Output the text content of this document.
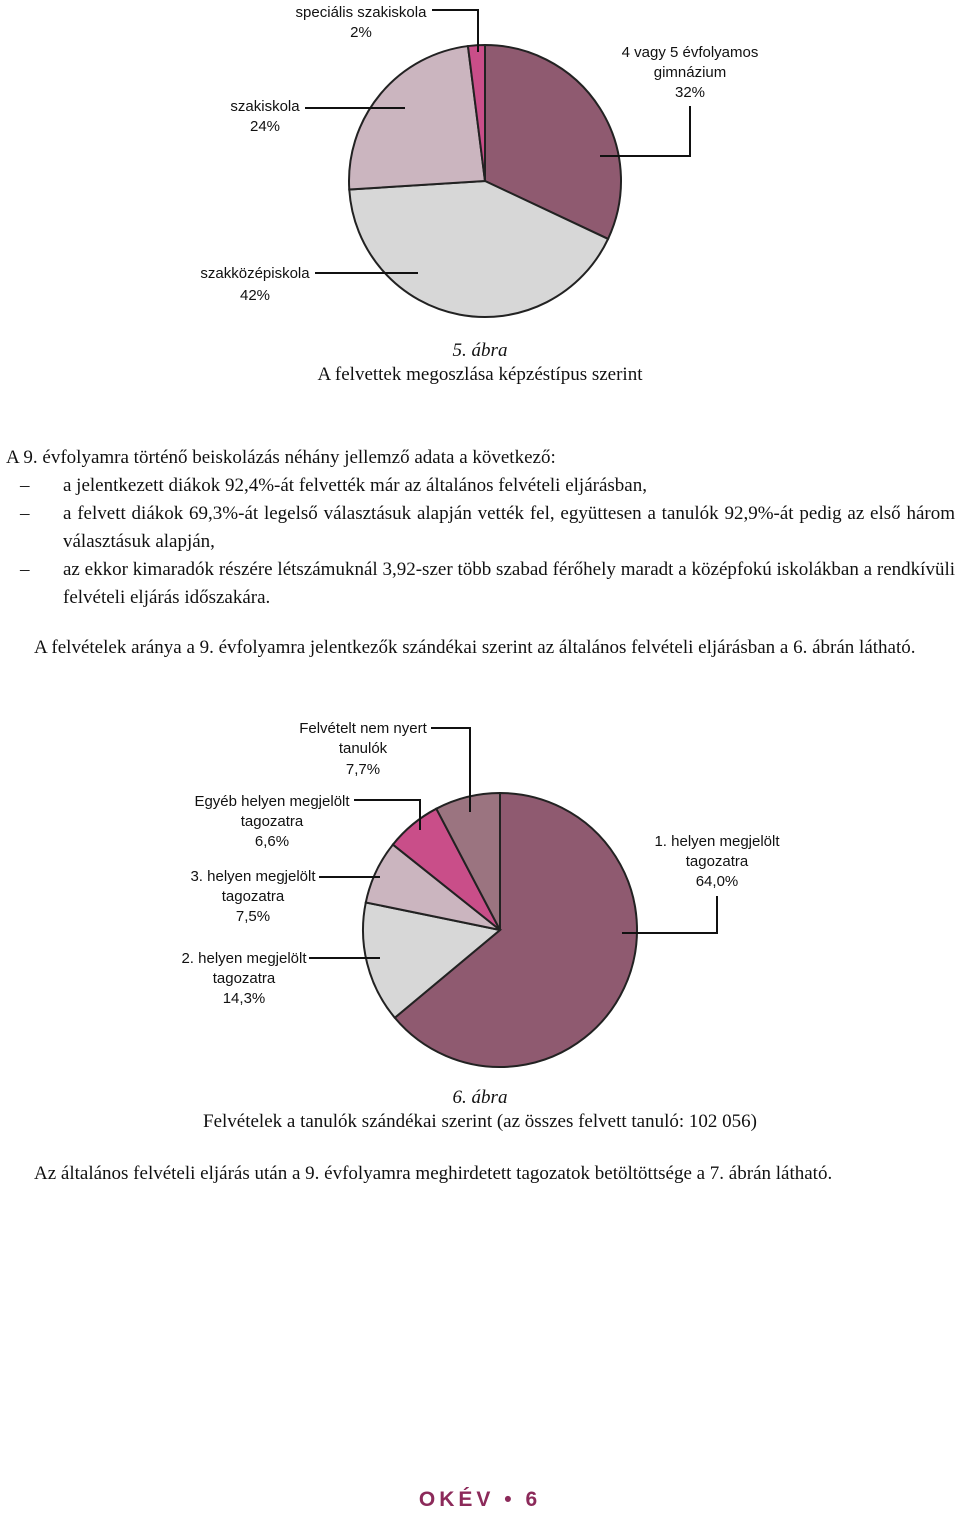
speciális szakiskola
2%
4 vagy 5 évfolyamos
gimnázium
32%
szakiskola
24%
szakközépiskola
42%
5. ábra
A felvettek megoszlása képzéstípus szerint

A 9. évfolyamra történő beiskolázás néhány jellemző adata a következő:

– a jelentkezett diákok 92,4%-át felvették már az általános felvételi eljárásban,
– a felvett diákok 69,3%-át legelső választásuk alapján vették fel, együttesen a tanulók 92,9%-át pedig az első három választásuk alapján,
– az ekkor kimaradók részére létszámuknál 3,92-szer több szabad férőhely maradt a középfokú iskolákban a rendkívüli felvételi eljárás időszakára.

A felvételek aránya a 9. évfolyamra jelentkezők szándékai szerint az általános felvételi eljárásban a 6. ábrán látható.

Felvételt nem nyert
tanulók
7,7%
Egyéb helyen megjelölt
tagozatra
6,6%
3. helyen megjelölt
tagozatra
7,5%
2. helyen megjelölt
tagozatra
14,3%
1. helyen megjelölt
tagozatra
64,0%
6. ábra
Felvételek a tanulók szándékai szerint (az összes felvett tanuló: 102 056)

Az általános felvételi eljárás után a 9. évfolyamra meghirdetett tagozatok betöltöttsége a 7. ábrán látható.

OKÉV • 6
